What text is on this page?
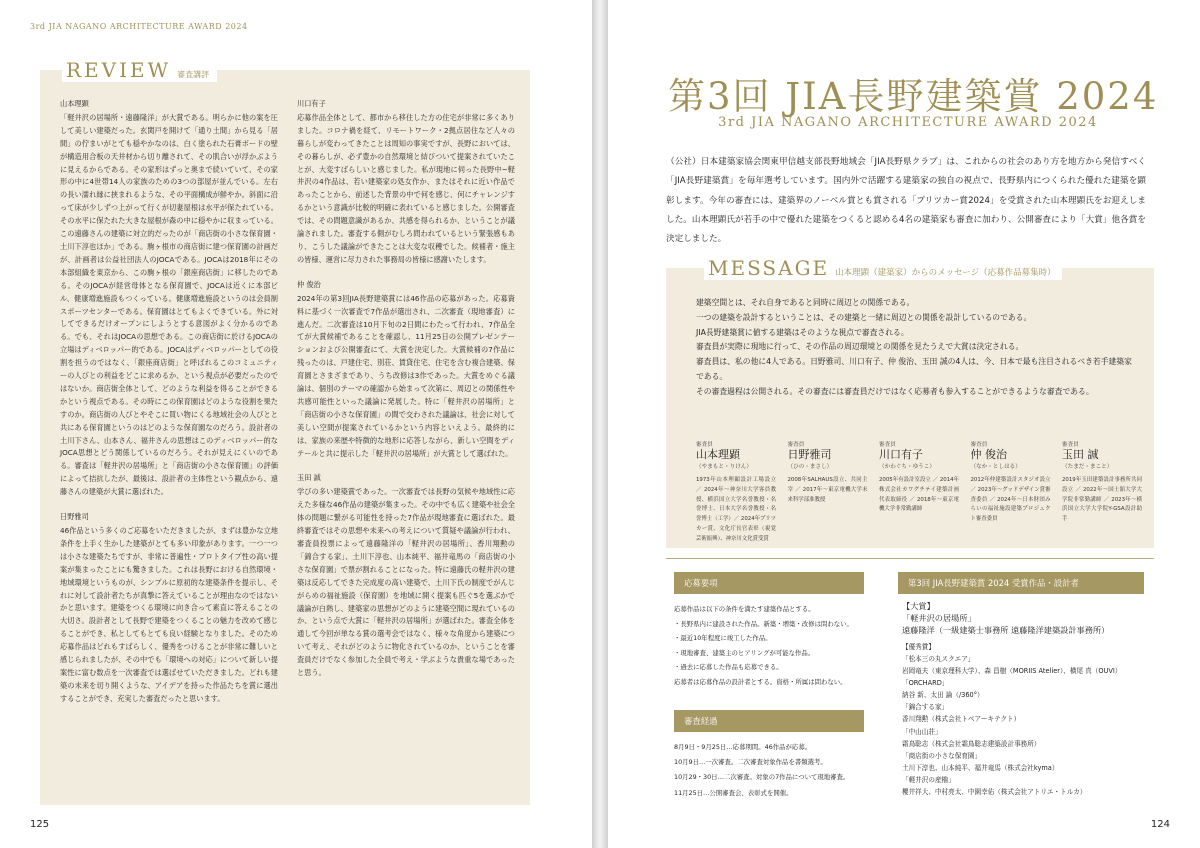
3rd JIA NAGANO ARCHITECTURE AWARD 2024
REVIEW 審査講評
山本理顕
「軽井沢の居場所・遠藤隆洋」が大賞である。明らかに他の案を圧して美しい建築だった。玄関戸を開けて「通り土間」から見る「居間」の佇まいがとても穏やかなのは、白く塗られた石膏ボードの壁が構造用合板の天井材から切り離されて、その肌合いが浮かぶように見えるからである。その家形はずっと奥まで続いていて、その家形の中に4世帯14人の家族のための3つの部屋が並んでいる。左右の長い濡れ縁に挟まれるような、その平面構成が鮮やか。斜面に沿って床が少しずつ上がって行くが切妻屋根は水平が保たれている。その水平に保たれた大きな屋根が森の中に穏やかに収まっている。この遠藤さんの建築に対立的だったのが「商店街の小さな保育園・土川下淳也ほか」である。駒ヶ根市の商店街に建つ保育園の計画だが、計画者は公益社団法人のJOCAである。JOCAは2018年にその本部組織を東京から、この駒ヶ根の「銀座商店街」に移したのである。そのJOCAが経営母体となる保育園で、JOCAは近くに本部ビル、健康増進施設もつくっている。健康増進施設というのは会員制スポーツセンターである。保育園はとてもよくできている。外に対してできるだけオープンにしようとする意図がよく分かるのである。でも、それはJOCAの思想である。この商店街に於けるJOCAの立場はディベロッパー的である。JOCAはディベロッパーとしての役割を担うのではなく、「銀座商店街」と呼ばれるこのコミュニティーの人びとの利益をどこに求めるか、という視点が必要だったのではないか。商店街全体として、どのような利益を得ることができるかという視点である。その時にこの保育園はどのような役割を果たすのか。商店街の人びとやそこに買い物にくる地域社会の人びとと共にある保育園というのはどのような保育園なのだろう。設計者の土川下さん、山本さん、福井さんの思想はこのディベロッパー的なJOCA思想とどう関係しているのだろう。それが見えにくいのである。審査は「軽井沢の居場所」と「商店街の小さな保育園」の評価によって拮抗したが、最後は、設計者の主体性という観点から、遠藤さんの建築が大賞に選ばれた。
日野雅司
46作品という多くのご応募をいただきましたが、まずは豊かな立地条件を上手く生かした建築がとても多い印象があります。一つ一つは小さな建築たちですが、非常に普遍性・プロトタイプ性の高い提案が集まったことにも驚きました。これは長野における自然環境・地域環境というものが、シンプルに原初的な建築条件を提示し、それに対して設計者たちが真摯に答えていることが理由なのではないかと思います。建築をつくる環境に向き合って素直に答えることの大切さ。設計者として長野で建築をつくることの魅力を改めて感じることができ、私としてもとても良い経験となりました。そのため応募作品はどれもすばらしく、優秀をつけることが非常に難しいと感じられましたが、その中でも「環境への対応」について新しい提案性に富む数点を一次審査では選ばせていただきました。どれも建築の未来を切り開くような、アイデアを持った作品たちを賞に選出することができ、充実した審査だったと思います。
川口有子
応募作品全体として、都市から移住した方の住宅が非常に多くありました。コロナ禍を経て、リモートワーク・2拠点居住など人々の暮らしが変わってきたことは周知の事実ですが、長野においては、その暮らしが、必ず豊かの自然環境と結びついて提案されていたことが、大変すばらしいと感じました。私が現地に伺った長野中~軽井沢の4作品は、若い建築家の処女作か、またはそれに近い作品であったことから、前述した背景の中で何を感じ、何にチャレンジするかという意識が比較的明確に表れていると感じました。公開審査では、その問題意識があるか、共感を得られるか、ということが議論されました。審査する側がむしろ問われているという緊張感もあり、こうした議論ができたことは大変な収穫でした。候補者・施主の皆様、運営に尽力された事務局の皆様に感謝いたします。
仲 俊治
2024年の第3回JIA長野建築賞には46作品の応募があった。応募資料に基づく一次審査で7作品が選出され、二次審査（現地審査）に進んだ。二次審査は10月下旬の2日間にわたって行われ、7作品全てが大賞候補であることを確認し、11月25日の公開プレゼンテーションおよび公開審査にて、大賞を決定した。大賞候補の7作品に残ったのは、戸建住宅、別荘、賃貸住宅、住宅を含む複合建築、保育園とさまざまであり、うち改修は3作であった。大賞をめぐる議論は、個別のテーマの確認から始まって次第に、周辺との関係性や共感可能性といった議論に発展した。特に「軽井沢の居場所」と「商店街の小さな保育園」の間で交わされた議論は、社会に対して美しい空間が提案されているかという内容といえよう。最終的には、家族の来歴や特徴的な地形に応答しながら、新しい空間をディテールと共に提示した「軽井沢の居場所」が大賞として選ばれた。
玉田 誠
学びの多い建築賞であった。一次審査では長野の気候や地域性に応えた多様な46作品の建築が集まった。その中でも広く建築や社会全体の問題に繋がる可能性を持った7作品が現地審査に選ばれた。最終審査ではその思想や未来への考えについて質疑や議論が行われ、審査員投票によって遠藤隆洋の「軽井沢の居場所」、香川翔勲の「錦合する家」、土川下淳也、山本純平、福井竜馬の「商店街の小さな保育園」で票が割れることになった。特に遠藤氏の軽井沢の建築は反応してできた完成度の高い建築で、土川下氏の制度でがんじがらめの福祉施設（保育園）を地域に開く提案も匹ぐ5を選ぶかで議論が白熱し、建築家の思想がどのように建築空間に現れているのか、という点で大賞に「軽井沢の居場所」が選ばれた。審査全体を通して今回が単なる賞の選考会ではなく、様々な角度から建築について考え、それがどのように物化されているのか、ということを審査員だけでなく参加した全員で考え・学ぶような貴重な場であったと思う。
125
第3回 JIA長野建築賞 2024
3rd JIA NAGANO ARCHITECTURE AWARD 2024
（公社）日本建築家協会関東甲信越支部長野地域会「JIA長野県クラブ」は、これからの社会のあり方を地方から発信すべく「JIA長野建築賞」を毎年選考しています。国内外で活躍する建築家の独自の視点で、長野県内につくられた優れた建築を顕彰します。今年の審査には、建築界のノーベル賞とも賞される「プリツカー賞2024」を受賞された山本理顕氏をお迎えしました。山本理顕氏が若手の中で優れた建築をつくると認める4名の建築家も審査に加わり、公開審査により「大賞」他各賞を決定しました。
MESSAGE 山本理顕（建築家）からのメッセージ（応募作品募集時）
建築空間とは、それ自身であると同時に周辺との関係である。
一つの建築を設計するということは、その建築と一緒に周辺との関係を設計しているのである。
JIA長野建築賞に値する建築はそのような視点で審査される。
審査員が実際に現地に行って、その作品の周辺環境との関係を見たうえで大賞は決定される。
審査員は、私の他に4人である。日野雅司、川口有子、仲 俊治、玉田 誠の4人は、今、日本で最も注目されるべき若手建築家である。
その審査過程は公開される。その審査には審査員だけではなく応募者も参入することができるような審査である。
審査員
山本理顕
（やまもと・りけん）
1973年山本理顕設計工場設立 ／ 2024年～神奈川大学客員教授、横浜国立大学名誉教授・名誉博士、日本大学名誉教授・名誉博士（工学）／ 2024年プリツカー賞、文化庁長官表彰（視覚芸術振興）、神奈川文化賞受賞
審査員
日野雅司
（ひの・まさし）
2008年SALHAUS設立、共同主宰 ／ 2017年～東京電機大学未来科学部准教授
審査員
川口有子
（かわぐち・ゆうこ）
2005年有設計室設立 ／ 2014年株式会社カワグチテイ建築計画代表取締役 ／ 2018年～東京電機大学非常勤講師
審査員
仲 俊治
（なか・としはる）
2012年仲建築設計スタジオ設立 ／ 2023年～グッドデザイン賞審査委員 ／ 2024年～日本財団みらいの福祉施設建築プロジェクト審査委員
審査員
玉田 誠
（たまだ・まこと）
2019年玉田建築設計事務所共同設立 ／ 2022年～国士舘大学大学院非常勤講師 ／ 2023年～横浜国立大学大学院Y-GSA設計助手
応募要項
応募作品は以下の条件を満たす建築作品とする。
・長野県内に建設された作品。新築・増築・改修は問わない。
・最近10年程度に竣工した作品。
・現地審査、建築主のヒアリングが可能な作品。
・過去に応募した作品も応募できる。
応募者は応募作品の設計者とする。資格・所属は問わない。
審査経過
8月9日・9月25日…応募期間。46作品が応募。
10月9日…一次審査。二次審査対象作品を書類選考。
10月29・30日…二次審査。対象の7作品について現地審査。
11月25日…公開審査会、表彰式を開催。
第3回 JIA長野建築賞 2024 受賞作品・設計者
【大賞】
「軽井沢の居場所」
遠藤隆洋（一級建築士事務所 遠藤隆洋建築設計事務所）
【優秀賞】
「松本三の丸スクエア」
岩岡竜夫（東京理科大学）、森 昌樹（MORIIS Atelier）、横尾 真（OUVI）
「ORCHARD」
納谷 新、太田 論（/360°）
「錦合する家」
香川翔勲（株式会社トベアーキテクト）
「中山山荘」
霜鳥聡志（株式会社霜鳥聡志建築設計事務所）
「商店街の小さな保育園」
土川下淳也、山本純平、福井竜馬（株式会社kyma）
「軽井沢の産櫓」
櫻井祥大、中村亮太、中園幸佑（株式会社アトリエ・トルカ）
124
